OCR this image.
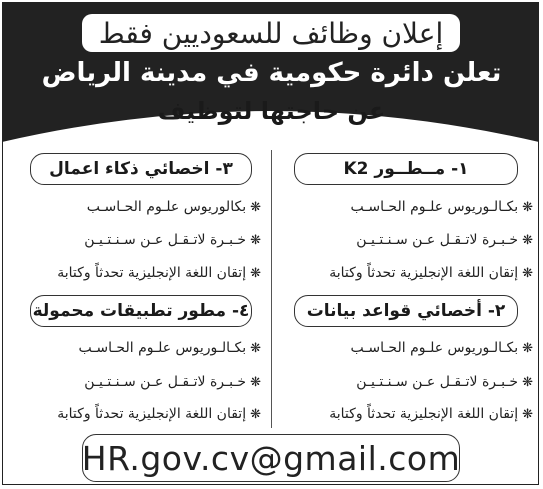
إعلان وظائف للسعوديين فقط
تعلن دائرة حكومية في مدينة الرياض
عن حاجتها لتوظيف
١- مــطــور K2
❋بكـالـوريوس علـوم الحـاسـب
❋خـبـرة لاتـقـل عـن سـنـتـيـن
❋إتقان اللغة الإنجليزية تحدثاً وكتابة
٣- اخصائي ذكاء اعمال
❋بكالوريوس علـوم الحـاسـب
❋خـبـرة لاتـقـل عـن سـنـتـيـن
❋إتقان اللغة الإنجليزية تحدثاً وكتابة
٢- أخصائي قواعد بيانات
❋بكـالـوريوس علـوم الحـاسـب
❋خـبـرة لاتـقـل عـن سـنـتـيـن
❋إتقان اللغة الإنجليزية تحدثاً وكتابة
٤- مطور تطبيقات محمولة
❋بكـالـوريوس علـوم الحـاسـب
❋خـبـرة لاتـقـل عـن سـنـتـيـن
❋إتقان اللغة الإنجليزية تحدثاً وكتابة
HR.gov.cv@gmail.com
